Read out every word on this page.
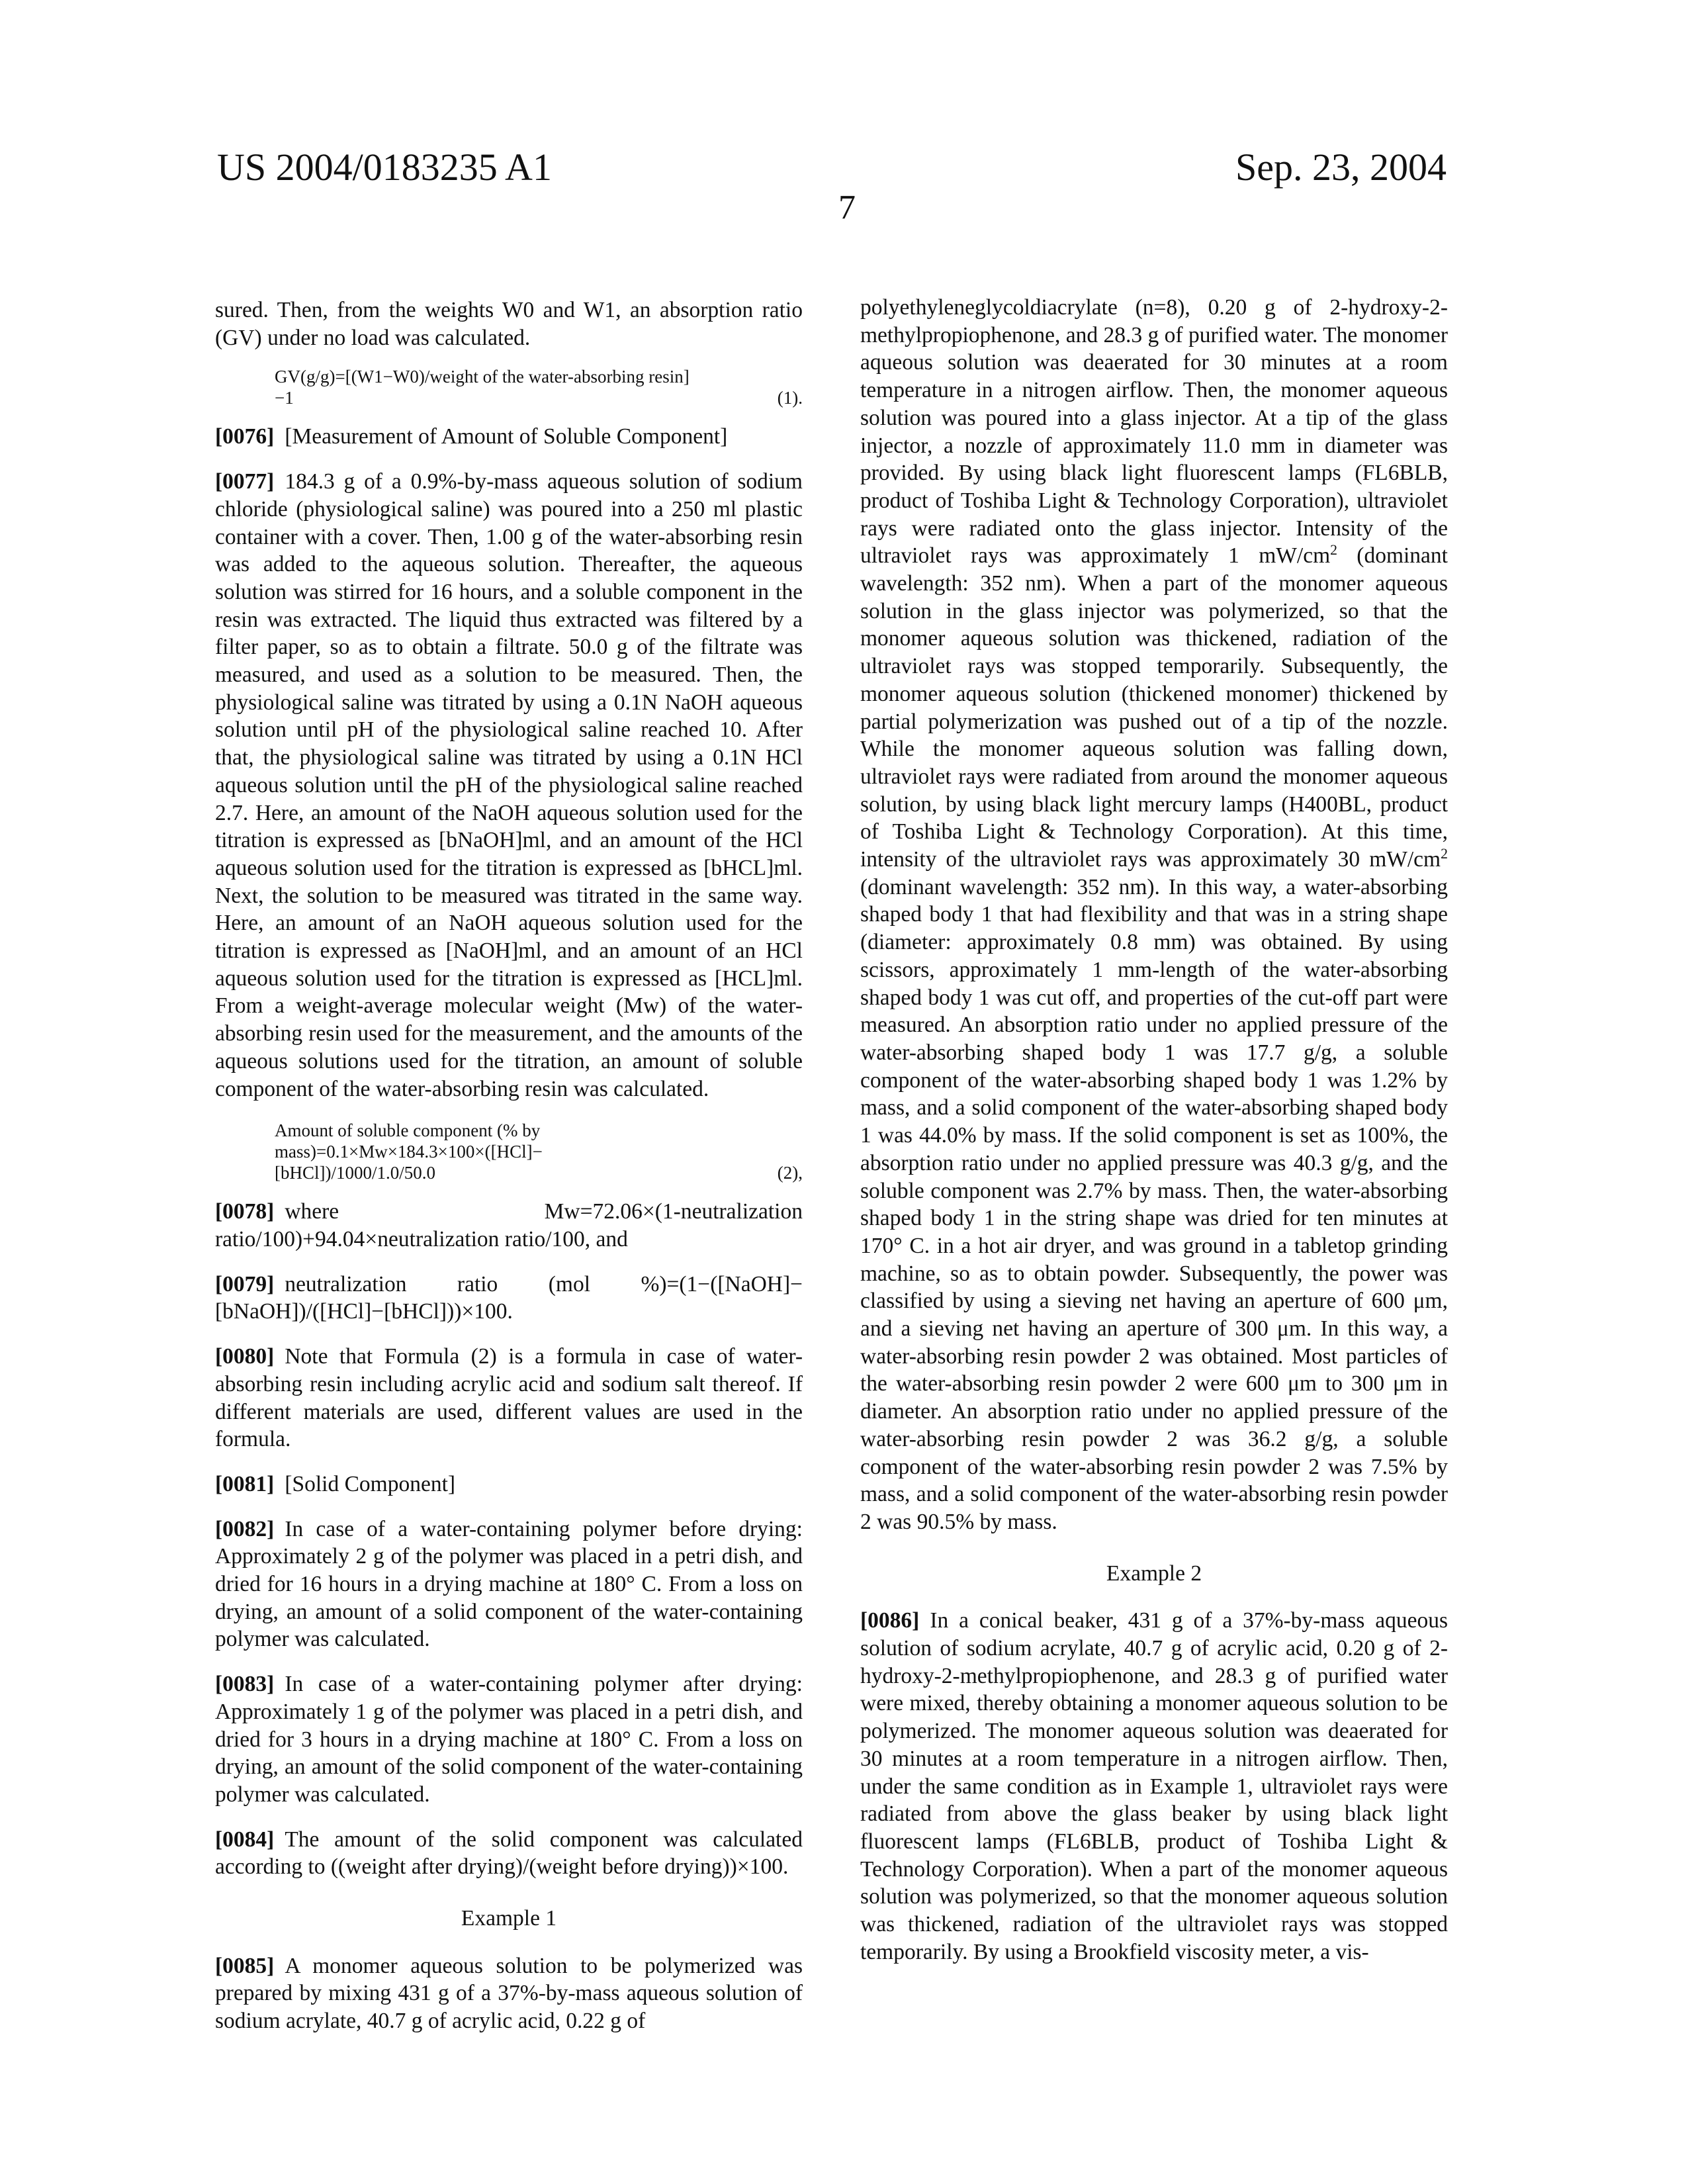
US 2004/0183235 A1
7
Sep. 23, 2004

sured. Then, from the weights W0 and W1, an absorption ratio (GV) under no load was calculated.

GV(g/g)=[(W1−W0)/weight of the water-absorbing resin]−1	(1).

[0076] [Measurement of Amount of Soluble Component]

[0077] 184.3 g of a 0.9%-by-mass aqueous solution of sodium chloride (physiological saline) was poured into a 250 ml plastic container with a cover. Then, 1.00 g of the water-absorbing resin was added to the aqueous solution. Thereafter, the aqueous solution was stirred for 16 hours, and a soluble component in the resin was extracted. The liquid thus extracted was filtered by a filter paper, so as to obtain a filtrate. 50.0 g of the filtrate was measured, and used as a solution to be measured. Then, the physiological saline was titrated by using a 0.1N NaOH aqueous solution until pH of the physiological saline reached 10. After that, the physiological saline was titrated by using a 0.1N HCl aqueous solution until the pH of the physiological saline reached 2.7. Here, an amount of the NaOH aqueous solution used for the titration is expressed as [bNaOH]ml, and an amount of the HCl aqueous solution used for the titration is expressed as [bHCL]ml. Next, the solution to be measured was titrated in the same way. Here, an amount of an NaOH aqueous solution used for the titration is expressed as [NaOH]ml, and an amount of an HCl aqueous solution used for the titration is expressed as [HCL]ml. From a weight-average molecular weight (Mw) of the water-absorbing resin used for the measurement, and the amounts of the aqueous solutions used for the titration, an amount of soluble component of the water-absorbing resin was calculated.

Amount of soluble component (% by mass)=0.1×Mw×184.3×100×([HCl]−[bHCl])/1000/1.0/50.0	(2),

[0078] where Mw=72.06×(1-neutralization ratio/100)+94.04×neutralization ratio/100, and

[0079] neutralization ratio (mol %)=(1−([NaOH]−[bNaOH])/([HCl]−[bHCl]))×100.

[0080] Note that Formula (2) is a formula in case of water-absorbing resin including acrylic acid and sodium salt thereof. If different materials are used, different values are used in the formula.

[0081] [Solid Component]

[0082] In case of a water-containing polymer before drying: Approximately 2 g of the polymer was placed in a petri dish, and dried for 16 hours in a drying machine at 180° C. From a loss on drying, an amount of a solid component of the water-containing polymer was calculated.

[0083] In case of a water-containing polymer after drying: Approximately 1 g of the polymer was placed in a petri dish, and dried for 3 hours in a drying machine at 180° C. From a loss on drying, an amount of the solid component of the water-containing polymer was calculated.

[0084] The amount of the solid component was calculated according to ((weight after drying)/(weight before drying))×100.

Example 1

[0085] A monomer aqueous solution to be polymerized was prepared by mixing 431 g of a 37%-by-mass aqueous solution of sodium acrylate, 40.7 g of acrylic acid, 0.22 g of

polyethyleneglycoldiacrylate (n=8), 0.20 g of 2-hydroxy-2-methylpropiophenone, and 28.3 g of purified water. The monomer aqueous solution was deaerated for 30 minutes at a room temperature in a nitrogen airflow. Then, the monomer aqueous solution was poured into a glass injector. At a tip of the glass injector, a nozzle of approximately 11.0 mm in diameter was provided. By using black light fluorescent lamps (FL6BLB, product of Toshiba Light & Technology Corporation), ultraviolet rays were radiated onto the glass injector. Intensity of the ultraviolet rays was approximately 1 mW/cm2 (dominant wavelength: 352 nm). When a part of the monomer aqueous solution in the glass injector was polymerized, so that the monomer aqueous solution was thickened, radiation of the ultraviolet rays was stopped temporarily. Subsequently, the monomer aqueous solution (thickened monomer) thickened by partial polymerization was pushed out of a tip of the nozzle. While the monomer aqueous solution was falling down, ultraviolet rays were radiated from around the monomer aqueous solution, by using black light mercury lamps (H400BL, product of Toshiba Light & Technology Corporation). At this time, intensity of the ultraviolet rays was approximately 30 mW/cm2 (dominant wavelength: 352 nm). In this way, a water-absorbing shaped body 1 that had flexibility and that was in a string shape (diameter: approximately 0.8 mm) was obtained. By using scissors, approximately 1 mm-length of the water-absorbing shaped body 1 was cut off, and properties of the cut-off part were measured. An absorption ratio under no applied pressure of the water-absorbing shaped body 1 was 17.7 g/g, a soluble component of the water-absorbing shaped body 1 was 1.2% by mass, and a solid component of the water-absorbing shaped body 1 was 44.0% by mass. If the solid component is set as 100%, the absorption ratio under no applied pressure was 40.3 g/g, and the soluble component was 2.7% by mass. Then, the water-absorbing shaped body 1 in the string shape was dried for ten minutes at 170° C. in a hot air dryer, and was ground in a tabletop grinding machine, so as to obtain powder. Subsequently, the power was classified by using a sieving net having an aperture of 600 μm, and a sieving net having an aperture of 300 μm. In this way, a water-absorbing resin powder 2 was obtained. Most particles of the water-absorbing resin powder 2 were 600 μm to 300 μm in diameter. An absorption ratio under no applied pressure of the water-absorbing resin powder 2 was 36.2 g/g, a soluble component of the water-absorbing resin powder 2 was 7.5% by mass, and a solid component of the water-absorbing resin powder 2 was 90.5% by mass.

Example 2

[0086] In a conical beaker, 431 g of a 37%-by-mass aqueous solution of sodium acrylate, 40.7 g of acrylic acid, 0.20 g of 2-hydroxy-2-methylpropiophenone, and 28.3 g of purified water were mixed, thereby obtaining a monomer aqueous solution to be polymerized. The monomer aqueous solution was deaerated for 30 minutes at a room temperature in a nitrogen airflow. Then, under the same condition as in Example 1, ultraviolet rays were radiated from above the glass beaker by using black light fluorescent lamps (FL6BLB, product of Toshiba Light & Technology Corporation). When a part of the monomer aqueous solution was polymerized, so that the monomer aqueous solution was thickened, radiation of the ultraviolet rays was stopped temporarily. By using a Brookfield viscosity meter, a vis-
